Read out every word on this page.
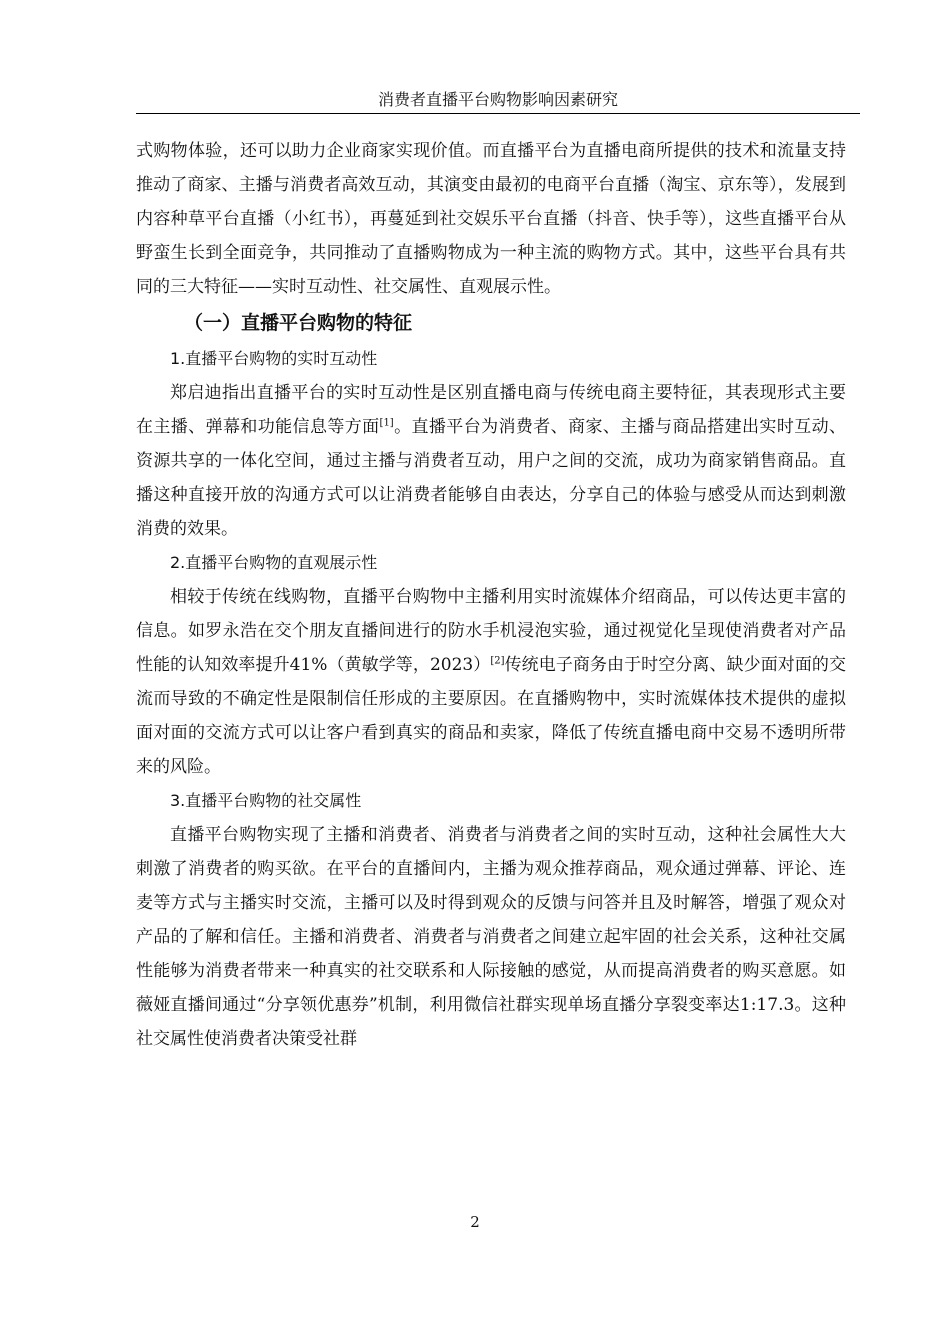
消费者直播平台购物影响因素研究

式购物体验，还可以助力企业商家实现价值。而直播平台为直播电商所提供的技术和流量支持推动了商家、主播与消费者高效互动，其演变由最初的电商平台直播（淘宝、京东等），发展到内容种草平台直播（小红书），再蔓延到社交娱乐平台直播（抖音、快手等），这些直播平台从野蛮生长到全面竞争，共同推动了直播购物成为一种主流的购物方式。其中，这些平台具有共同的三大特征——实时互动性、社交属性、直观展示性。

（一）直播平台购物的特征
1.直播平台购物的实时互动性

郑启迪指出直播平台的实时互动性是区别直播电商与传统电商主要特征，其表现形式主要在主播、弹幕和功能信息等方面[1]。直播平台为消费者、商家、主播与商品搭建出实时互动、资源共享的一体化空间，通过主播与消费者互动，用户之间的交流，成功为商家销售商品。直播这种直接开放的沟通方式可以让消费者能够自由表达，分享自己的体验与感受从而达到刺激消费的效果。

2.直播平台购物的直观展示性

相较于传统在线购物，直播平台购物中主播利用实时流媒体介绍商品，可以传达更丰富的信息。如罗永浩在交个朋友直播间进行的防水手机浸泡实验，通过视觉化呈现使消费者对产品性能的认知效率提升41%（黄敏学等，2023）[2]传统电子商务由于时空分离、缺少面对面的交流而导致的不确定性是限制信任形成的主要原因。在直播购物中，实时流媒体技术提供的虚拟面对面的交流方式可以让客户看到真实的商品和卖家，降低了传统直播电商中交易不透明所带来的风险。

3.直播平台购物的社交属性

直播平台购物实现了主播和消费者、消费者与消费者之间的实时互动，这种社会属性大大刺激了消费者的购买欲。在平台的直播间内，主播为观众推荐商品，观众通过弹幕、评论、连麦等方式与主播实时交流，主播可以及时得到观众的反馈与问答并且及时解答，增强了观众对产品的了解和信任。主播和消费者、消费者与消费者之间建立起牢固的社会关系，这种社交属性能够为消费者带来一种真实的社交联系和人际接触的感觉，从而提高消费者的购买意愿。如薇娅直播间通过“分享领优惠券”机制，利用微信社群实现单场直播分享裂变率达1:17.3。这种社交属性使消费者决策受社群

2
